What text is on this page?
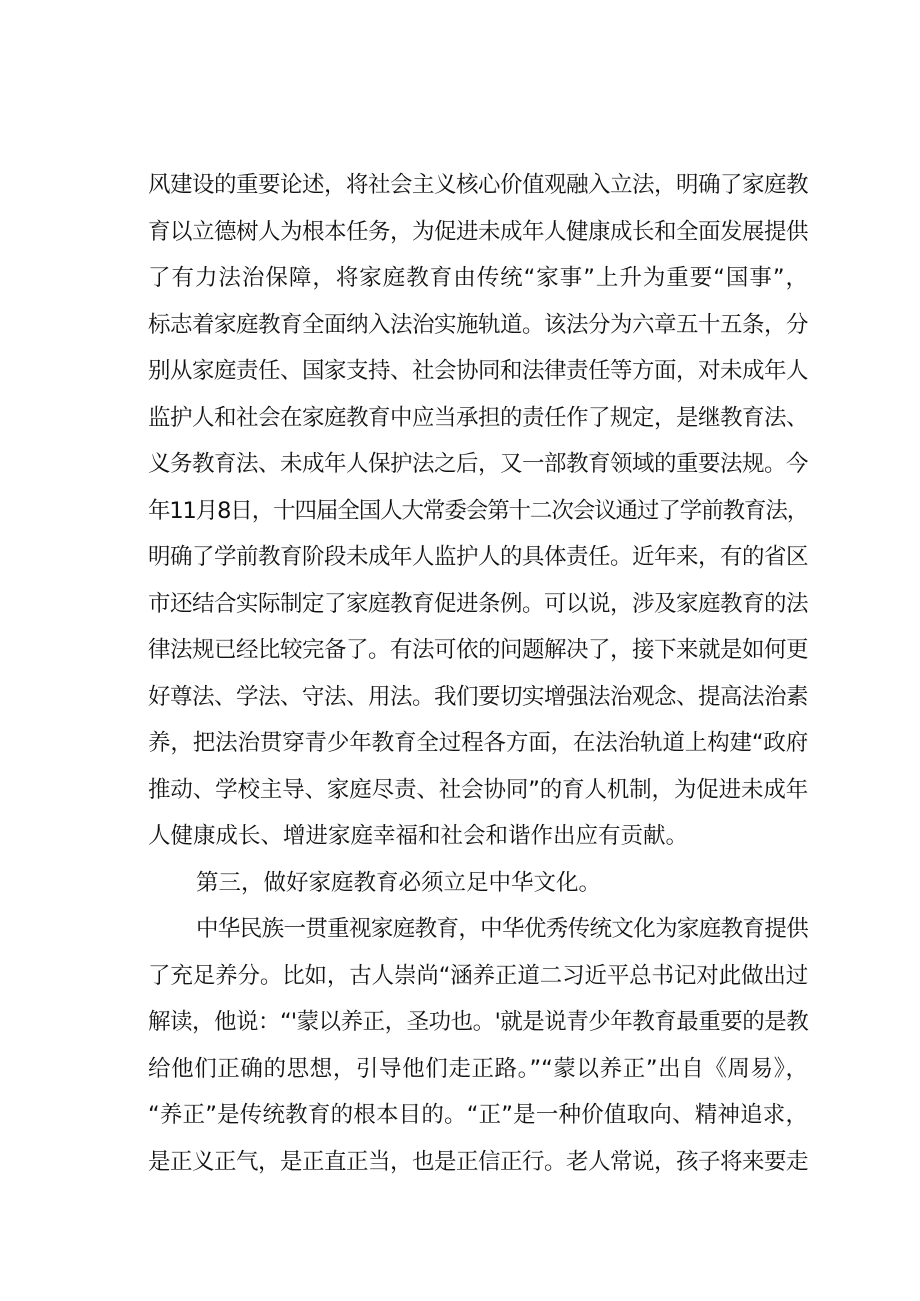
风建设的重要论述，将社会主义核心价值观融入立法，明确了家庭教
育以立德树人为根本任务，为促进未成年人健康成长和全面发展提供
了有力法治保障，将家庭教育由传统“家事”上升为重要“国事”，
标志着家庭教育全面纳入法治实施轨道。该法分为六章五十五条，分
别从家庭责任、国家支持、社会协同和法律责任等方面，对未成年人
监护人和社会在家庭教育中应当承担的责任作了规定，是继教育法、
义务教育法、未成年人保护法之后，又一部教育领域的重要法规。今
年11月8日，十四届全国人大常委会第十二次会议通过了学前教育法，
明确了学前教育阶段未成年人监护人的具体责任。近年来，有的省区
市还结合实际制定了家庭教育促进条例。可以说，涉及家庭教育的法
律法规已经比较完备了。有法可依的问题解决了，接下来就是如何更
好尊法、学法、守法、用法。我们要切实增强法治观念、提高法治素
养，把法治贯穿青少年教育全过程各方面，在法治轨道上构建“政府
推动、学校主导、家庭尽责、社会协同”的育人机制，为促进未成年
人健康成长、增进家庭幸福和社会和谐作出应有贡献。
第三，做好家庭教育必须立足中华文化。
中华民族一贯重视家庭教育，中华优秀传统文化为家庭教育提供
了充足养分。比如，古人崇尚“涵养正道二习近平总书记对此做出过
解读，他说：“'蒙以养正，圣功也。'就是说青少年教育最重要的是教
给他们正确的思想，引导他们走正路。”“蒙以养正”出自《周易》，
“养正”是传统教育的根本目的。“正”是一种价值取向、精神追求，
是正义正气，是正直正当，也是正信正行。老人常说，孩子将来要走
